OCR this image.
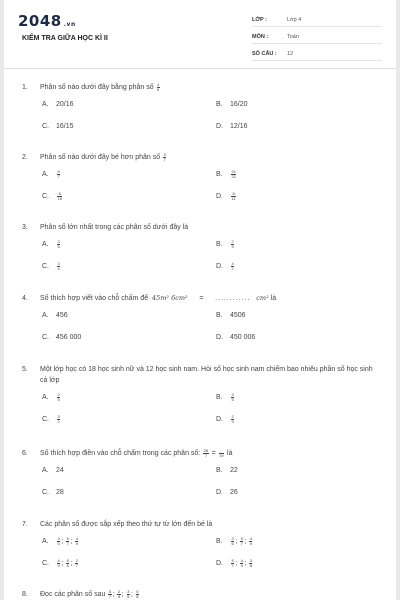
2048 .vn
KIỂM TRA GIỮA HỌC KÌ II
LỚP :	Lớp 4
MÔN :	Toán
SỐ CÂU :	12
1. Phân số nào dưới đây bằng phân số $\frac{4}{5}$
A. 20/16	B. 16/20
C. 16/15	D. 12/16
2. Phân số nào dưới đây bé hơn phân số $\frac{5}{7}$
A. $\frac{9}{7}$	B. $\frac{21}{21}$
C. $\frac{6}{16}$	D. $\frac{8}{11}$
3. Phân số lớn nhất trong các phân số dưới đây là
A. $\frac{3}{5}$	B. $\frac{7}{9}$
C. $\frac{3}{4}$	D. $\frac{4}{7}$
4. Số thích hợp viết vào chỗ chấm để 45m² 6cm² = ............ cm² là
A. 456	B. 4506
C. 456 000	D. 450 006
5. Một lớp học có 18 học sinh nữ và 12 học sinh nam. Hỏi số học sinh nam chiếm bao nhiêu phần số học sinh cả lớp
A. $\frac{2}{5}$	B. $\frac{3}{5}$
C. $\frac{3}{2}$	D. $\frac{2}{3}$
6. Số thích hợp điền vào chỗ chấm trong các phân số: $\frac{28}{7} = \frac{..}{19}$ là
A. 24	B. 22
C. 28	D. 26
7. Các phân số được sắp xếp theo thứ tự từ lớn đến bé là
A. $\frac{3}{5}$ ; $\frac{5}{7}$ ; $\frac{4}{9}$	B. $\frac{3}{6}$ ; $\frac{5}{7}$ ; $\frac{4}{9}$
C. $\frac{4}{9}$ ; $\frac{5}{6}$ ; $\frac{2}{7}$	D. $\frac{5}{7}$ ; $\frac{4}{9}$ ; $\frac{3}{8}$
8. Đọc các phân số sau $\frac{5}{7}$ ; $\frac{2}{9}$ ; $\frac{3}{5}$ ; $\frac{5}{8}$
